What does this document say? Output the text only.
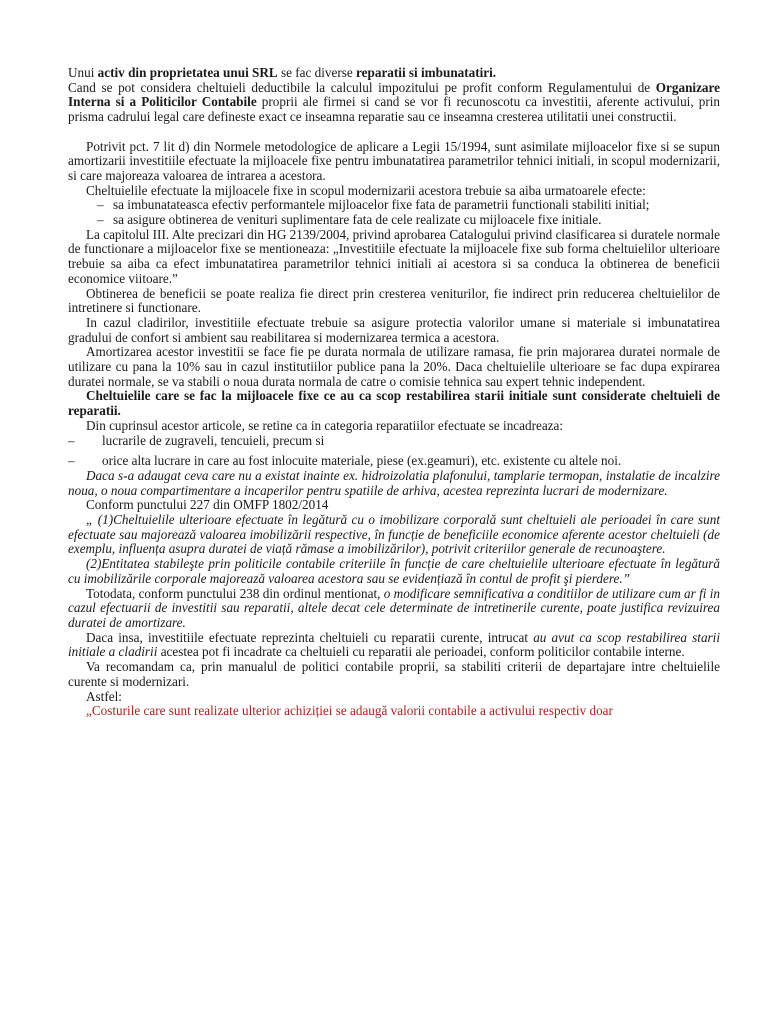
Unui activ din proprietatea unui SRL se fac diverse reparatii si imbunatatiri.

Cand se pot considera cheltuieli deductibile la calculul impozitului pe profit conform Regulamentului de Organizare Interna si a Politicilor Contabile proprii ale firmei si cand se vor fi recunoscotu ca investitii, aferente activului, prin prisma cadrului legal care defineste exact ce inseamna reparatie sau ce inseamna cresterea utilitatii unei constructii.

Potrivit pct. 7 lit d) din Normele metodologice de aplicare a Legii 15/1994, sunt asimilate mijloacelor fixe si se supun amortizarii investitiile efectuate la mijloacele fixe pentru imbunatatirea parametrilor tehnici initiali, in scopul modernizarii, si care majoreaza valoarea de intrarea a acestora.

Cheltuielile efectuate la mijloacele fixe in scopul modernizarii acestora trebuie sa aiba urmatoarele efecte:

– sa imbunatateasca efectiv performantele mijloacelor fixe fata de parametrii functionali stabiliti initial;
– sa asigure obtinerea de venituri suplimentare fata de cele realizate cu mijloacele fixe initiale.

La capitolul III. Alte precizari din HG 2139/2004, privind aprobarea Catalogului privind clasificarea si duratele normale de functionare a mijloacelor fixe se mentioneaza: „Investitiile efectuate la mijloacele fixe sub forma cheltuielilor ulterioare trebuie sa aiba ca efect imbunatatirea parametrilor tehnici initiali ai acestora si sa conduca la obtinerea de beneficii economice viitoare.”

Obtinerea de beneficii se poate realiza fie direct prin cresterea veniturilor, fie indirect prin reducerea cheltuielilor de intretinere si functionare.

In cazul cladirilor, investitiile efectuate trebuie sa asigure protectia valorilor umane si materiale si imbunatatirea gradului de confort si ambient sau reabilitarea si modernizarea termica a acestora.

Amortizarea acestor investitii se face fie pe durata normala de utilizare ramasa, fie prin majorarea duratei normale de utilizare cu pana la 10% sau in cazul institutiilor publice pana la 20%. Daca cheltuielile ulterioare se fac dupa expirarea duratei normale, se va stabili o noua durata normala de catre o comisie tehnica sau expert tehnic independent.

Cheltuielile care se fac la mijloacele fixe ce au ca scop restabilirea starii initiale sunt considerate cheltuieli de reparatii.

Din cuprinsul acestor articole, se retine ca in categoria reparatiilor efectuate se incadreaza:

– lucrarile de zugraveli, tencuieli, precum si
– orice alta lucrare in care au fost inlocuite materiale, piese (ex.geamuri), etc. existente cu altele noi.

Daca s-a adaugat ceva care nu a existat inainte ex. hidroizolatia plafonului, tamplarie termopan, instalatie de incalzire noua, o noua compartimentare a incaperilor pentru spatiile de arhiva, acestea reprezinta lucrari de modernizare.

Conform punctului 227 din OMFP 1802/2014

„ (1)Cheltuielile ulterioare efectuate în legătură cu o imobilizare corporală sunt cheltuieli ale perioadei în care sunt efectuate sau majorează valoarea imobilizării respective, în funcție de beneficiile economice aferente acestor cheltuieli (de exemplu, influența asupra duratei de viață rămase a imobilizărilor), potrivit criteriilor generale de recunoaştere.

(2)Entitatea stabileşte prin politicile contabile criteriile în funcție de care cheltuielile ulterioare efectuate în legătură cu imobilizările corporale majorează valoarea acestora sau se evidențiază în contul de profit şi pierdere.”

Totodata, conform punctului 238 din ordinul mentionat, o modificare semnificativa a conditiilor de utilizare cum ar fi in cazul efectuarii de investitii sau reparatii, altele decat cele determinate de intretinerile curente, poate justifica revizuirea duratei de amortizare.

Daca insa, investitiile efectuate reprezinta cheltuieli cu reparatii curente, intrucat au avut ca scop restabilirea starii initiale a cladirii acestea pot fi incadrate ca cheltuieli cu reparatii ale perioadei, conform politicilor contabile interne.

Va recomandam ca, prin manualul de politici contabile proprii, sa stabiliti criterii de departajare intre cheltuielile curente si modernizari.

Astfel:

„Costurile care sunt realizate ulterior achiziției se adaugă valorii contabile a activului respectiv doar
